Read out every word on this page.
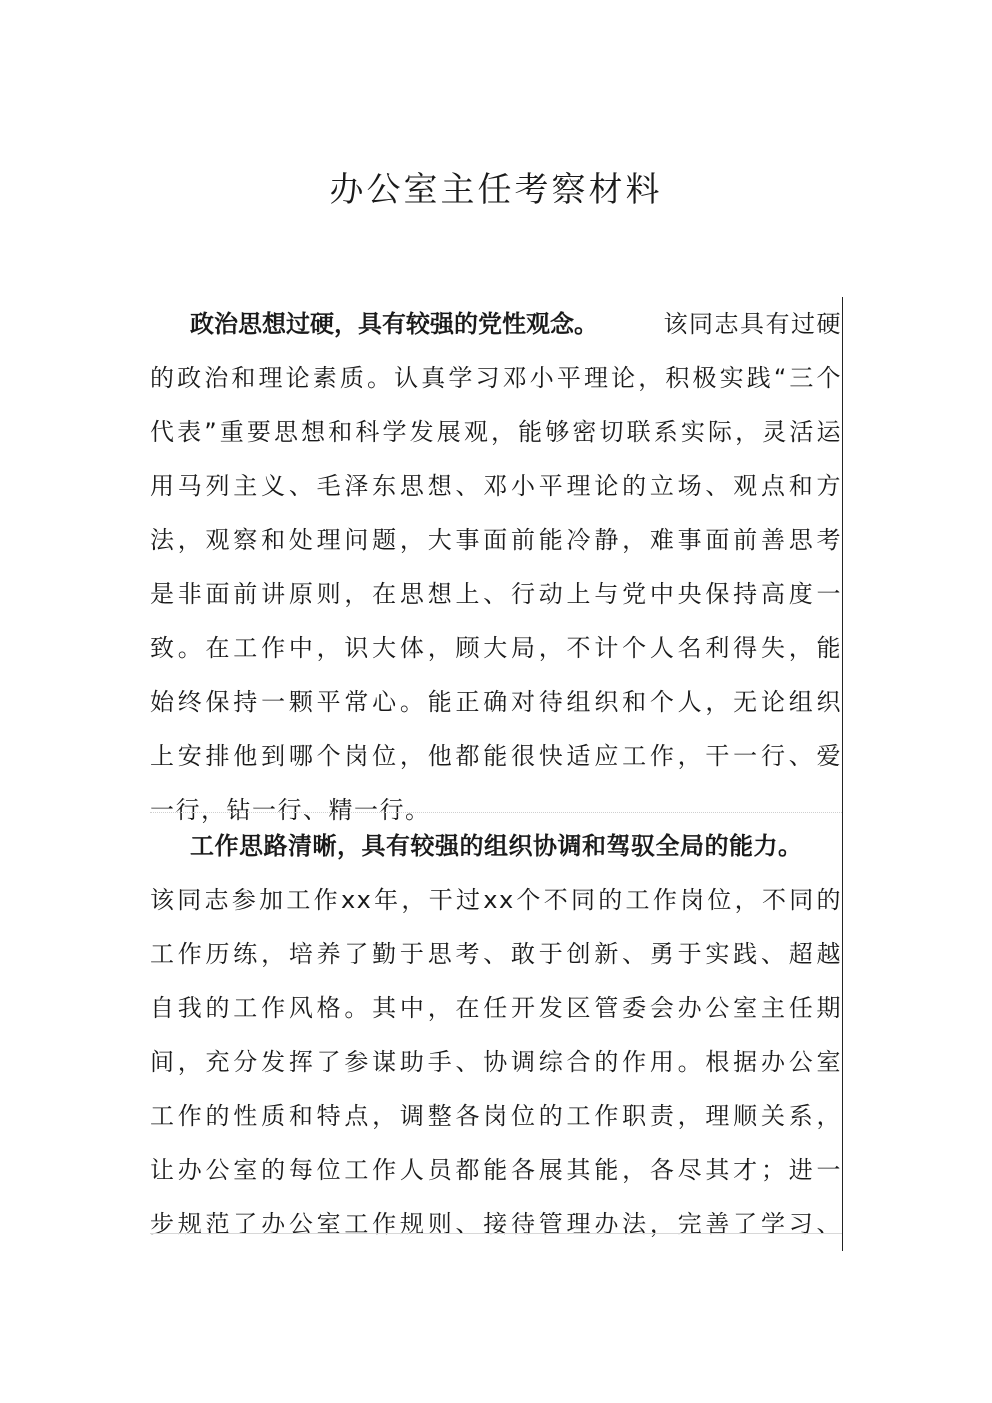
办公室主任考察材料
政治思想过硬，具有较强的党性观念。	该同志具有过硬
的政治和理论素质。认真学习邓小平理论，积极实践“三个
代表”重要思想和科学发展观，能够密切联系实际，灵活运
用马列主义、毛泽东思想、邓小平理论的立场、观点和方
法，观察和处理问题，大事面前能冷静，难事面前善思考
是非面前讲原则，在思想上、行动上与党中央保持高度一
致。在工作中，识大体，顾大局，不计个人名利得失，能
始终保持一颗平常心。能正确对待组织和个人，无论组织
上安排他到哪个岗位，他都能很快适应工作，干一行、爱
一行，钻一行、精一行。
工作思路清晰，具有较强的组织协调和驾驭全局的能力。
该同志参加工作xx年，干过xx个不同的工作岗位，不同的
工作历练，培养了勤于思考、敢于创新、勇于实践、超越
自我的工作风格。其中，在任开发区管委会办公室主任期
间，充分发挥了参谋助手、协调综合的作用。根据办公室
工作的性质和特点，调整各岗位的工作职责，理顺关系，
让办公室的每位工作人员都能各展其能，各尽其才；进一
步规范了办公室工作规则、接待管理办法，完善了学习、
